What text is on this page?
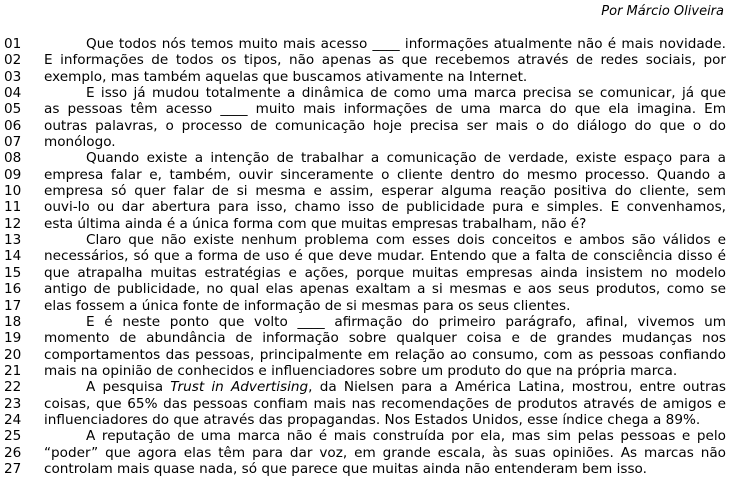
Por Márcio Oliveira
01	Que todos nós temos muito mais acesso ____ informações atualmente não é mais novidade.
02	E informações de todos os tipos, não apenas as que recebemos através de redes sociais, por
03	exemplo, mas também aquelas que buscamos ativamente na Internet.
04	E isso já mudou totalmente a dinâmica de como uma marca precisa se comunicar, já que
05	as pessoas têm acesso ____ muito mais informações de uma marca do que ela imagina. Em
06	outras palavras, o processo de comunicação hoje precisa ser mais o do diálogo do que o do
07	monólogo.
08	Quando existe a intenção de trabalhar a comunicação de verdade, existe espaço para a
09	empresa falar e, também, ouvir sinceramente o cliente dentro do mesmo processo. Quando a
10	empresa só quer falar de si mesma e assim, esperar alguma reação positiva do cliente, sem
11	ouvi-lo ou dar abertura para isso, chamo isso de publicidade pura e simples. E convenhamos,
12	esta última ainda é a única forma com que muitas empresas trabalham, não é?
13	Claro que não existe nenhum problema com esses dois conceitos e ambos são válidos e
14	necessários, só que a forma de uso é que deve mudar. Entendo que a falta de consciência disso é
15	que atrapalha muitas estratégias e ações, porque muitas empresas ainda insistem no modelo
16	antigo de publicidade, no qual elas apenas exaltam a si mesmas e aos seus produtos, como se
17	elas fossem a única fonte de informação de si mesmas para os seus clientes.
18	E é neste ponto que volto ____ afirmação do primeiro parágrafo, afinal, vivemos um
19	momento de abundância de informação sobre qualquer coisa e de grandes mudanças nos
20	comportamentos das pessoas, principalmente em relação ao consumo, com as pessoas confiando
21	mais na opinião de conhecidos e influenciadores sobre um produto do que na própria marca.
22	A pesquisa Trust in Advertising, da Nielsen para a América Latina, mostrou, entre outras
23	coisas, que 65% das pessoas confiam mais nas recomendações de produtos através de amigos e
24	influenciadores do que através das propagandas. Nos Estados Unidos, esse índice chega a 89%.
25	A reputação de uma marca não é mais construída por ela, mas sim pelas pessoas e pelo
26	“poder” que agora elas têm para dar voz, em grande escala, às suas opiniões. As marcas não
27	controlam mais quase nada, só que parece que muitas ainda não entenderam bem isso.
